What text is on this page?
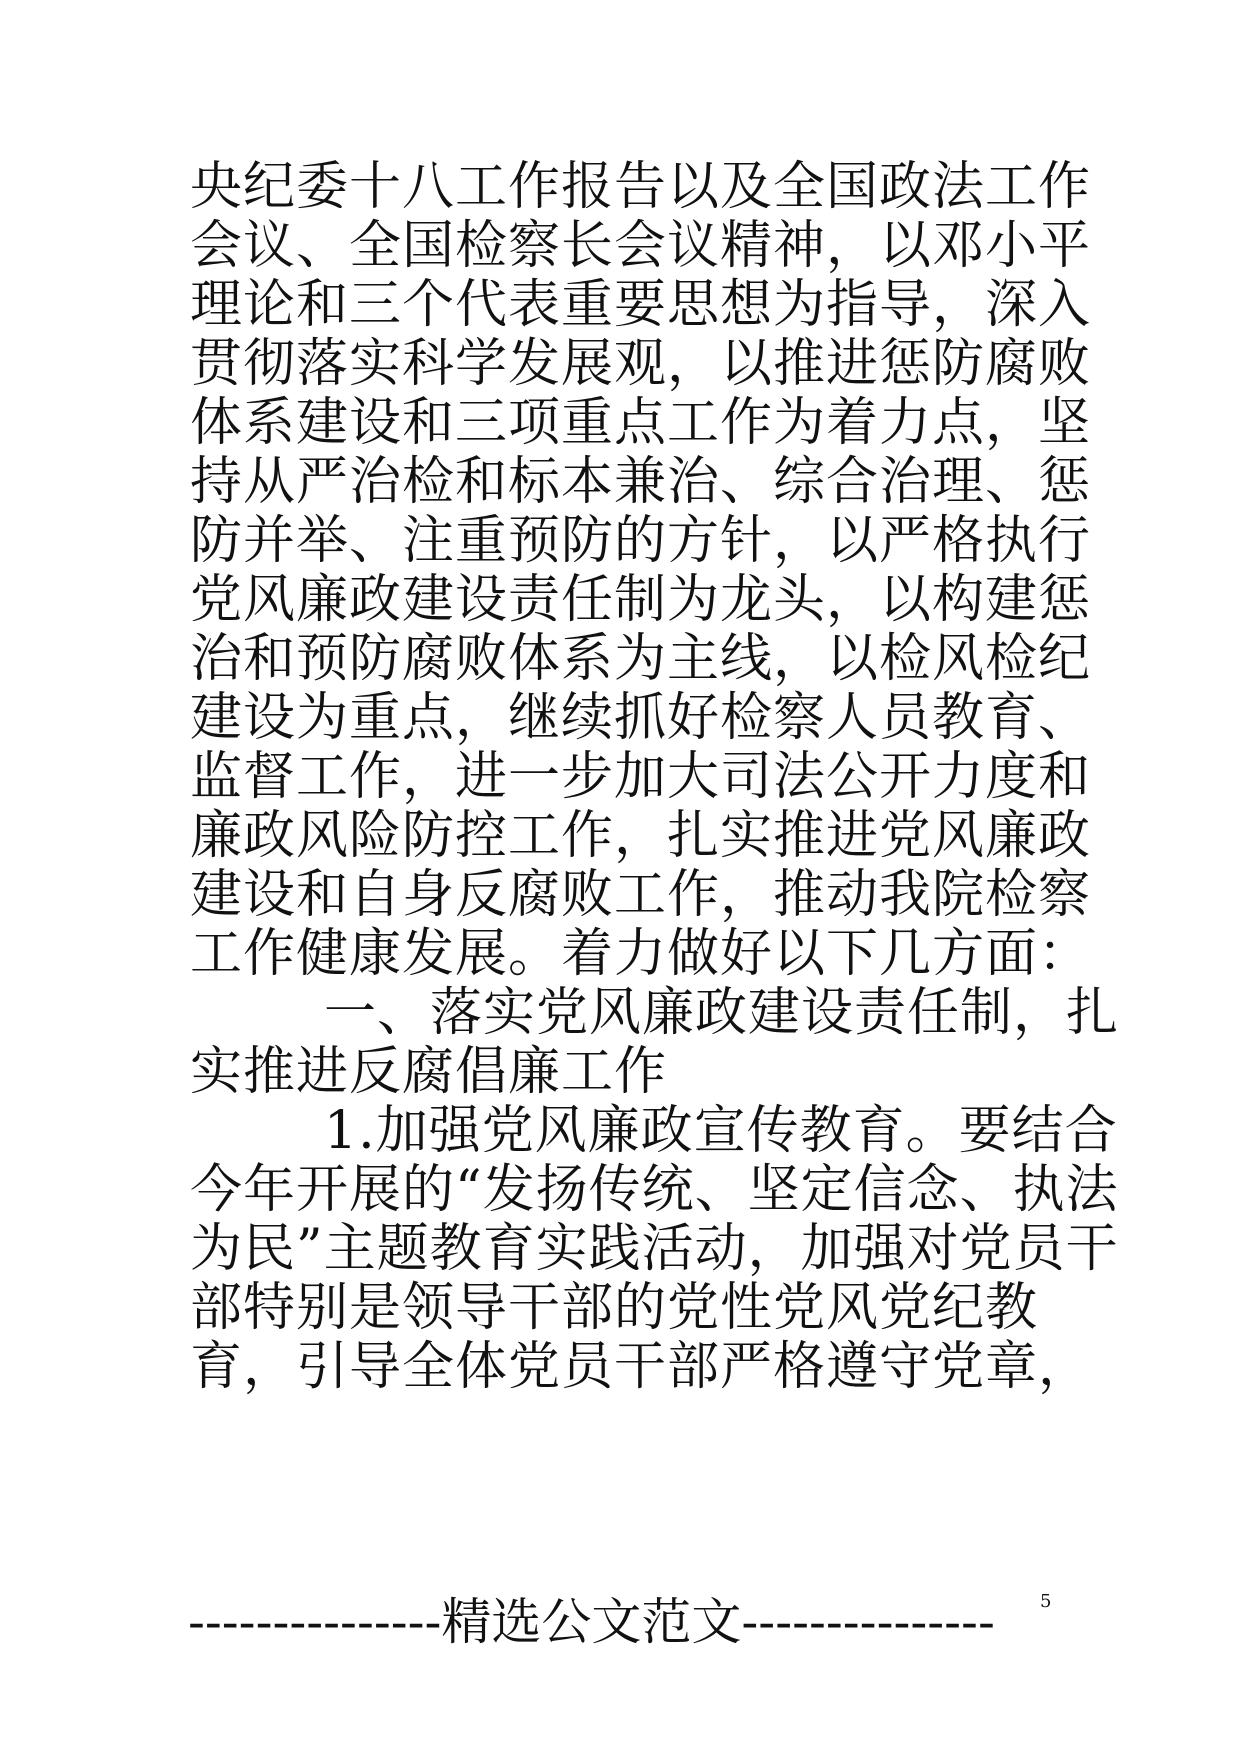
央纪委十八工作报告以及全国政法工作
会议、全国检察长会议精神，以邓小平
理论和三个代表重要思想为指导，深入
贯彻落实科学发展观，以推进惩防腐败
体系建设和三项重点工作为着力点，坚
持从严治检和标本兼治、综合治理、惩
防并举、注重预防的方针，以严格执行
党风廉政建设责任制为龙头，以构建惩
治和预防腐败体系为主线，以检风检纪
建设为重点，继续抓好检察人员教育、
监督工作，进一步加大司法公开力度和
廉政风险防控工作，扎实推进党风廉政
建设和自身反腐败工作，推动我院检察
工作健康发展。着力做好以下几方面：
一、落实党风廉政建设责任制，扎
实推进反腐倡廉工作
1.加强党风廉政宣传教育。要结合
今年开展的“发扬传统、坚定信念、执法
为民”主题教育实践活动，加强对党员干
部特别是领导干部的党性党风党纪教
育，引导全体党员干部严格遵守党章，
---------------精选公文范文---------------	5
